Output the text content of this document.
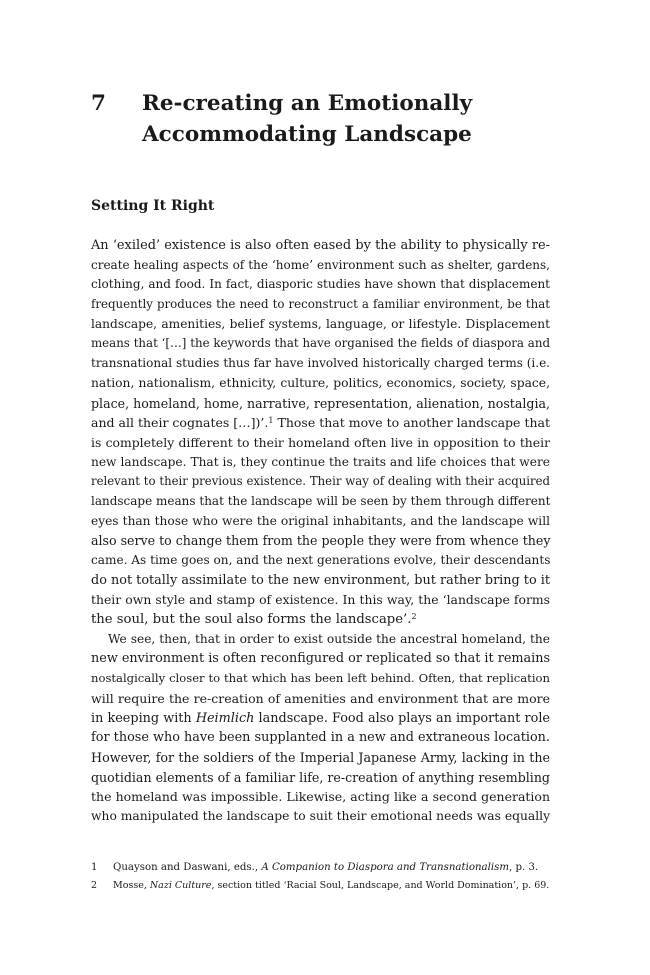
7 Re-creating an Emotionally
Accommodating Landscape
Setting It Right
An ‘exiled’ existence is also often eased by the ability to physically re-
create healing aspects of the ‘home’ environment such as shelter, gardens,
clothing, and food. In fact, diasporic studies have shown that displacement
frequently produces the need to reconstruct a familiar environment, be that
landscape, amenities, belief systems, language, or lifestyle. Displacement
means that ‘[…] the keywords that have organised the fields of diaspora and
transnational studies thus far have involved historically charged terms (i.e.
nation, nationalism, ethnicity, culture, politics, economics, society, space,
place, homeland, home, narrative, representation, alienation, nostalgia,
and all their cognates […])’.$^1$ Those that move to another landscape that
is completely different to their homeland often live in opposition to their
new landscape. That is, they continue the traits and life choices that were
relevant to their previous existence. Their way of dealing with their acquired
landscape means that the landscape will be seen by them through different
eyes than those who were the original inhabitants, and the landscape will
also serve to change them from the people they were from whence they
came. As time goes on, and the next generations evolve, their descendants
do not totally assimilate to the new environment, but rather bring to it
their own style and stamp of existence. In this way, the ‘landscape forms
the soul, but the soul also forms the landscape’.$^2$
We see, then, that in order to exist outside the ancestral homeland, the
new environment is often reconfigured or replicated so that it remains
nostalgically closer to that which has been left behind. Often, that replication
will require the re-creation of amenities and environment that are more
in keeping with Heimlich landscape. Food also plays an important role
for those who have been supplanted in a new and extraneous location.
However, for the soldiers of the Imperial Japanese Army, lacking in the
quotidian elements of a familiar life, re-creation of anything resembling
the homeland was impossible. Likewise, acting like a second generation
who manipulated the landscape to suit their emotional needs was equally
1 Quayson and Daswani, eds., A Companion to Diaspora and Transnationalism, p. 3.
2 Mosse, Nazi Culture, section titled ‘Racial Soul, Landscape, and World Domination’, p. 69.
